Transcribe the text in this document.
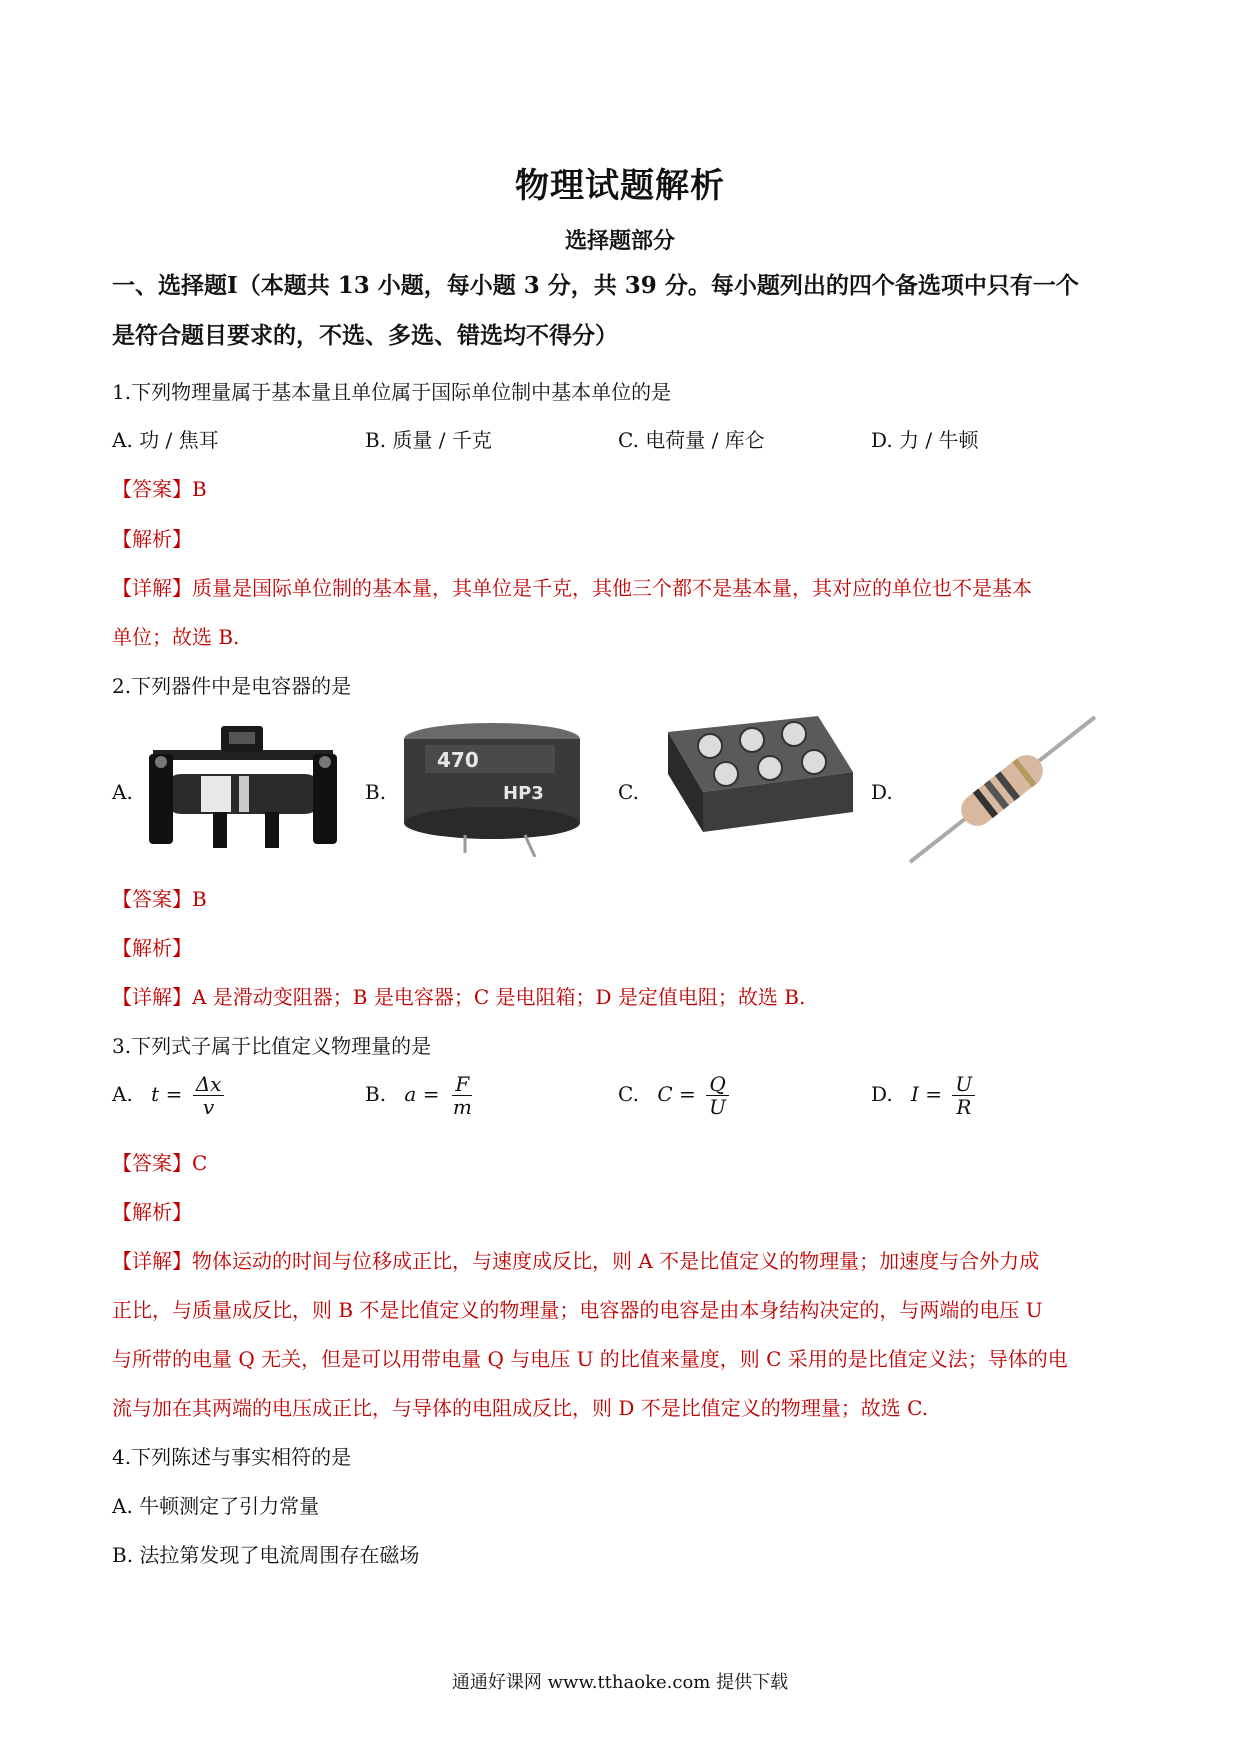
物理试题解析
选择题部分
一、选择题Ⅰ（本题共 13 小题，每小题 3 分，共 39 分。每小题列出的四个备选项中只有一个
是符合题目要求的，不选、多选、错选均不得分）
1.下列物理量属于基本量且单位属于国际单位制中基本单位的是
A. 功 / 焦耳	B. 质量 / 千克	C. 电荷量 / 库仑	D. 力 / 牛顿
【答案】B
【解析】
【详解】质量是国际单位制的基本量，其单位是千克，其他三个都不是基本量，其对应的单位也不是基本
单位；故选 B.
2.下列器件中是电容器的是
A.	B.
470
HP3	C.	D.
【答案】B
【解析】
【详解】A 是滑动变阻器；B 是电容器；C 是电阻箱；D 是定值电阻；故选 B.
3.下列式子属于比值定义物理量的是
A. $t = \frac{\Delta x}{v}$	B. $a = \frac{F}{m}$	C. $C = \frac{Q}{U}$	D. $I = \frac{U}{R}$
【答案】C
【解析】
【详解】物体运动的时间与位移成正比，与速度成反比，则 A 不是比值定义的物理量；加速度与合外力成
正比，与质量成反比，则 B 不是比值定义的物理量；电容器的电容是由本身结构决定的，与两端的电压 U
与所带的电量 Q 无关，但是可以用带电量 Q 与电压 U 的比值来量度，则 C 采用的是比值定义法；导体的电
流与加在其两端的电压成正比，与导体的电阻成反比，则 D 不是比值定义的物理量；故选 C.
4.下列陈述与事实相符的是
A. 牛顿测定了引力常量
B. 法拉第发现了电流周围存在磁场
通通好课网 www.tthaoke.com 提供下载
